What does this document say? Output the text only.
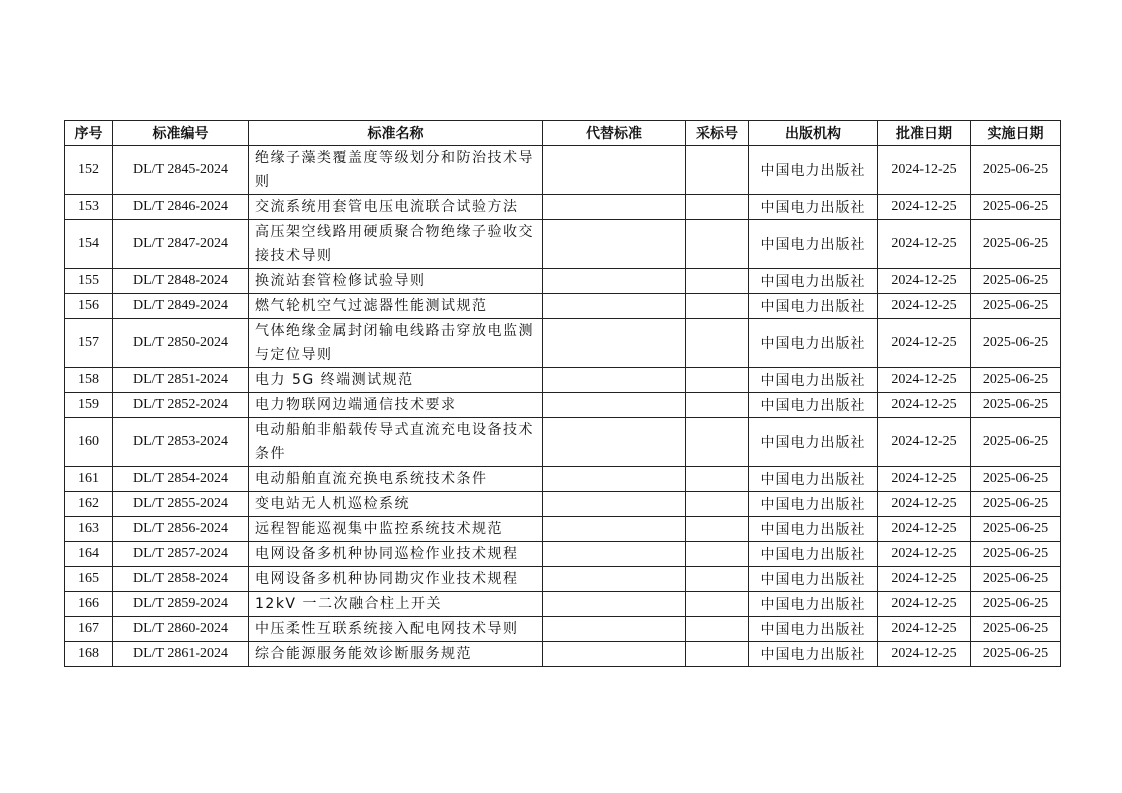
序号	标准编号	标准名称	代替标准	采标号	出版机构	批准日期	实施日期
152	DL/T 2845-2024	绝缘子藻类覆盖度等级划分和防治技术导则			中国电力出版社	2024-12-25	2025-06-25
153	DL/T 2846-2024	交流系统用套管电压电流联合试验方法			中国电力出版社	2024-12-25	2025-06-25
154	DL/T 2847-2024	高压架空线路用硬质聚合物绝缘子验收交接技术导则			中国电力出版社	2024-12-25	2025-06-25
155	DL/T 2848-2024	换流站套管检修试验导则			中国电力出版社	2024-12-25	2025-06-25
156	DL/T 2849-2024	燃气轮机空气过滤器性能测试规范			中国电力出版社	2024-12-25	2025-06-25
157	DL/T 2850-2024	气体绝缘金属封闭输电线路击穿放电监测与定位导则			中国电力出版社	2024-12-25	2025-06-25
158	DL/T 2851-2024	电力 5G 终端测试规范			中国电力出版社	2024-12-25	2025-06-25
159	DL/T 2852-2024	电力物联网边端通信技术要求			中国电力出版社	2024-12-25	2025-06-25
160	DL/T 2853-2024	电动船舶非船载传导式直流充电设备技术条件			中国电力出版社	2024-12-25	2025-06-25
161	DL/T 2854-2024	电动船舶直流充换电系统技术条件			中国电力出版社	2024-12-25	2025-06-25
162	DL/T 2855-2024	变电站无人机巡检系统			中国电力出版社	2024-12-25	2025-06-25
163	DL/T 2856-2024	远程智能巡视集中监控系统技术规范			中国电力出版社	2024-12-25	2025-06-25
164	DL/T 2857-2024	电网设备多机种协同巡检作业技术规程			中国电力出版社	2024-12-25	2025-06-25
165	DL/T 2858-2024	电网设备多机种协同勘灾作业技术规程			中国电力出版社	2024-12-25	2025-06-25
166	DL/T 2859-2024	12kV 一二次融合柱上开关			中国电力出版社	2024-12-25	2025-06-25
167	DL/T 2860-2024	中压柔性互联系统接入配电网技术导则			中国电力出版社	2024-12-25	2025-06-25
168	DL/T 2861-2024	综合能源服务能效诊断服务规范			中国电力出版社	2024-12-25	2025-06-25
